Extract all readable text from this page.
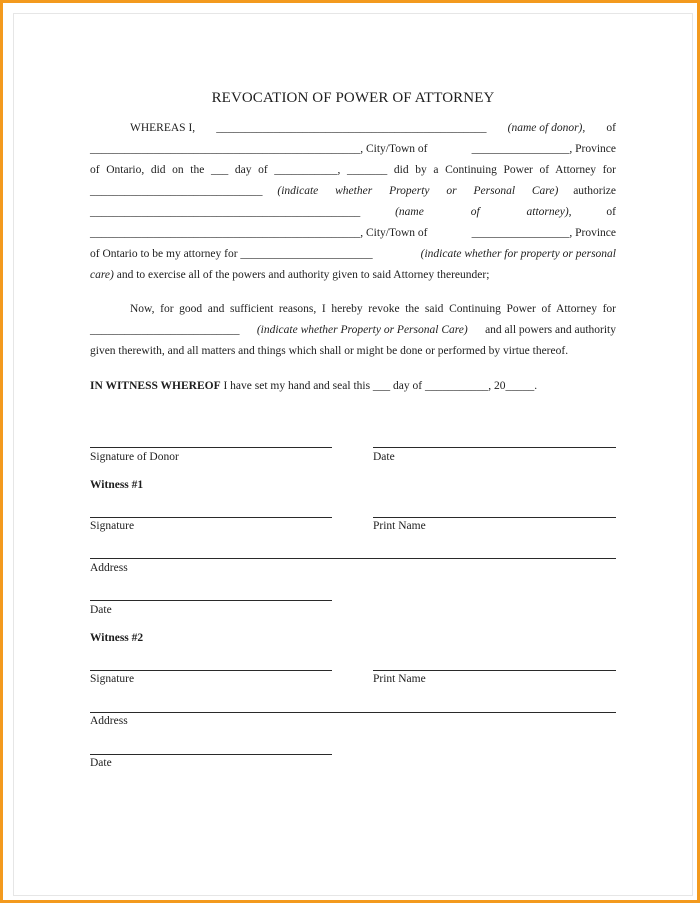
REVOCATION OF POWER OF ATTORNEY
WHEREAS I, _______________________________________________ (name of donor), of
_______________________________________________, City/Town of	_________________, Province
of Ontario, did on the ___ day of ___________, _______ did by a Continuing Power of Attorney for
______________________________ (indicate whether Property or Personal Care) authorize
_______________________________________________	(name of attorney),	of
_______________________________________________, City/Town of	_________________, Province
of Ontario to be my attorney for _______________________	(indicate whether for property or personal
care) and to exercise all of the powers and authority given to said Attorney thereunder;
Now, for good and sufficient reasons, I hereby revoke the said Continuing Power of Attorney for
__________________________ (indicate whether Property or Personal Care) and all powers and authority
given therewith, and all matters and things which shall or might be done or performed by virtue thereof.
IN WITNESS WHEREOF I have set my hand and seal this ___ day of ___________, 20_____.
Signature of Donor	Date
Witness #1
Signature	Print Name
Address
Date
Witness #2
Signature	Print Name
Address
Date
